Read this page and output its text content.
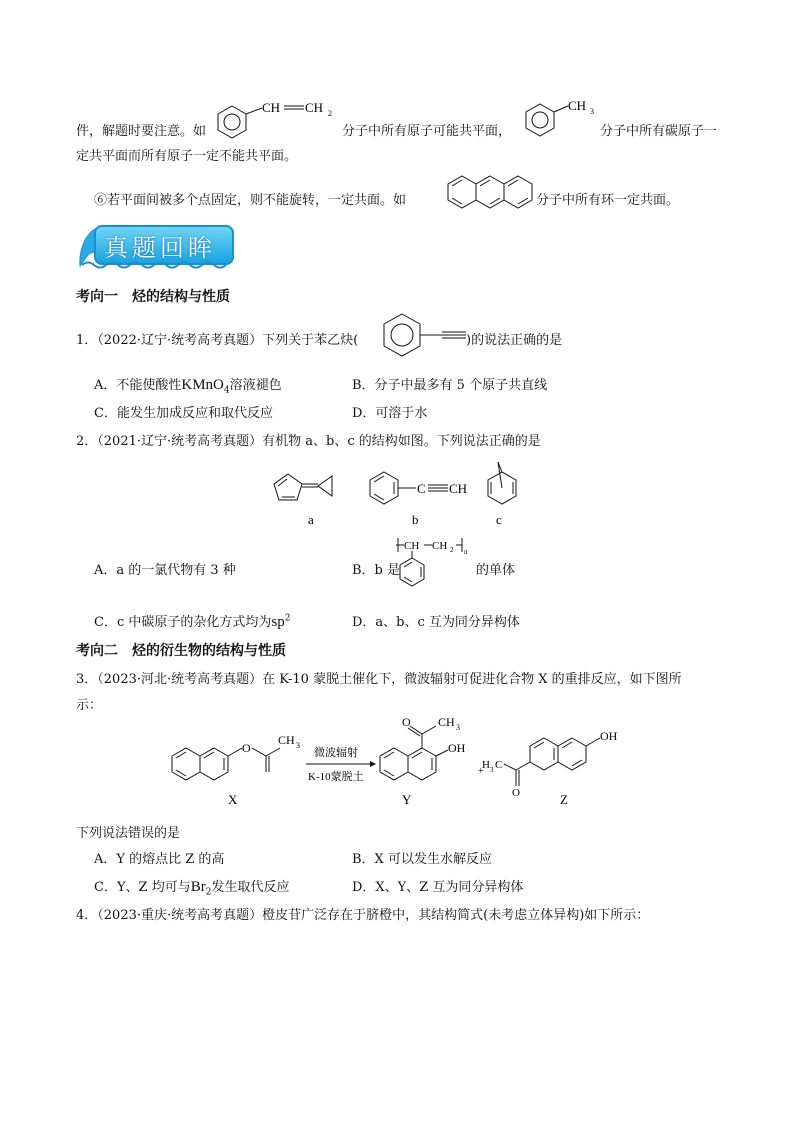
件，解题时要注意。如
CH CH 2
分子中所有原子可能共平面，
CH 3
分子中所有碳原子一
定共平面而所有原子一定不能共平面。
⑥若平面间被多个点固定，则不能旋转，一定共面。如	分子中所有环一定共面。
真题回眸
考向一　烃的结构与性质
1．（2022·辽宁·统考高考真题）下列关于苯乙炔(	)的说法正确的是
A．不能使酸性KMnO$_4$溶液褪色	B．分子中最多有 5 个原子共直线
C．能发生加成反应和取代反应	D．可溶于水
2．（2021·辽宁·统考高考真题）有机物 a、b、c 的结构如图。下列说法正确的是
a
C CH
b	c
A．a 的一氯代物有 3 种	B．b 是
CH CH 2 n
的单体
C．c 中碳原子的杂化方式均为$sp^2$	D．a、b、c 互为同分异构体
考向二　烃的衍生物的结构与性质
3．（2023·河北·统考高考真题）在 K-10 蒙脱土催化下，微波辐射可促进化合物 X 的重排反应，如下图所
示：
O
CH 3
X
微波辐射
K-10蒙脱土
O CH 3
OH
Y
+
H 3 C
O
OH
Z
下列说法错误的是
A．Y 的熔点比 Z 的高	B．X 可以发生水解反应
C．Y、Z 均可与$Br_2$发生取代反应	D．X、Y、Z 互为同分异构体
4．（2023·重庆·统考高考真题）橙皮苷广泛存在于脐橙中，其结构简式(未考虑立体异构)如下所示：
